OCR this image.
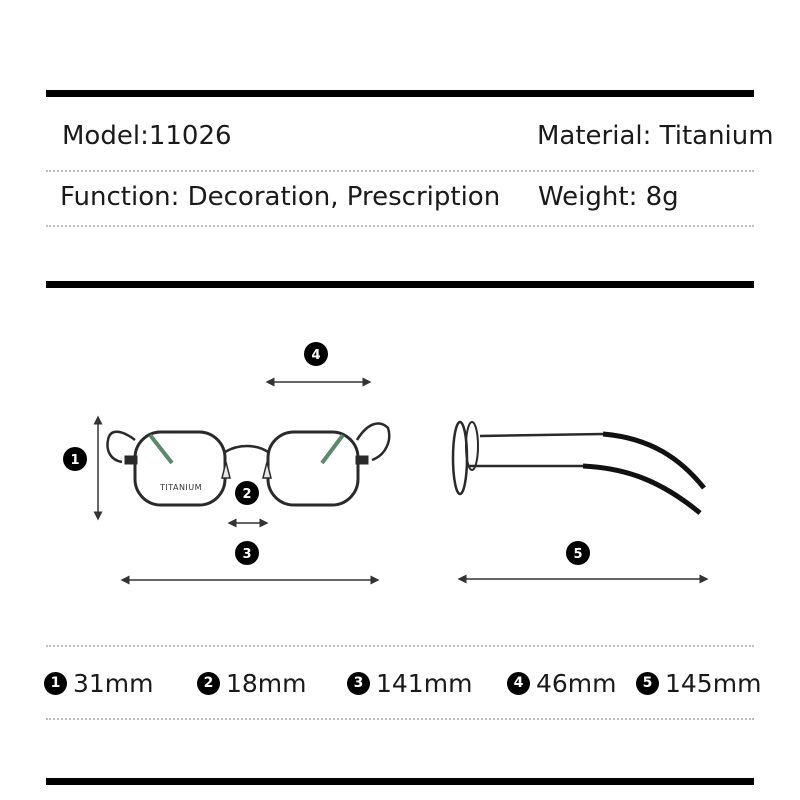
Model:11026	Material: Titanium
Function: Decoration, Prescription Weight: 8g
TITANIUM
1
2
3
4
5
1 31mm	2 18mm	3 141mm	4 46mm	5 145mm
